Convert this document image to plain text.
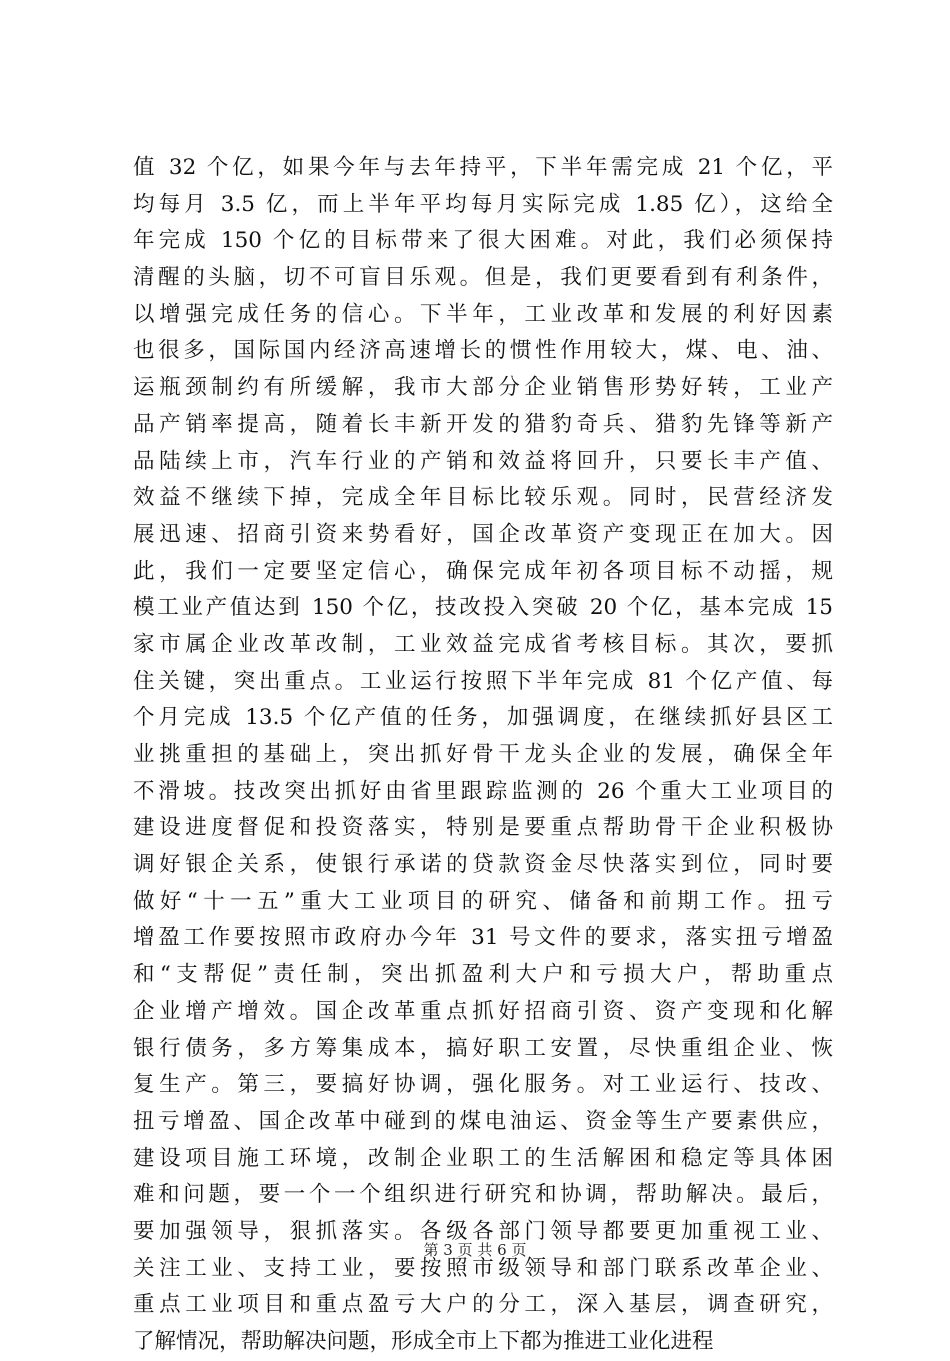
值 32 个亿，如果今年与去年持平，下半年需完成 21 个亿，平
均每月 3.5 亿，而上半年平均每月实际完成 1.85 亿），这给全
年完成 150 个亿的目标带来了很大困难。对此，我们必须保持
清醒的头脑，切不可盲目乐观。但是，我们更要看到有利条件，
以增强完成任务的信心。下半年，工业改革和发展的利好因素
也很多，国际国内经济高速增长的惯性作用较大，煤、电、油、
运瓶颈制约有所缓解，我市大部分企业销售形势好转，工业产
品产销率提高，随着长丰新开发的猎豹奇兵、猎豹先锋等新产
品陆续上市，汽车行业的产销和效益将回升，只要长丰产值、
效益不继续下掉，完成全年目标比较乐观。同时，民营经济发
展迅速、招商引资来势看好，国企改革资产变现正在加大。因
此，我们一定要坚定信心，确保完成年初各项目标不动摇，规
模工业产值达到 150 个亿，技改投入突破 20 个亿，基本完成 15
家市属企业改革改制，工业效益完成省考核目标。其次，要抓
住关键，突出重点。工业运行按照下半年完成 81 个亿产值、每
个月完成 13.5 个亿产值的任务，加强调度，在继续抓好县区工
业挑重担的基础上，突出抓好骨干龙头企业的发展，确保全年
不滑坡。技改突出抓好由省里跟踪监测的 26 个重大工业项目的
建设进度督促和投资落实，特别是要重点帮助骨干企业积极协
调好银企关系，使银行承诺的贷款资金尽快落实到位，同时要
做好“十一五”重大工业项目的研究、储备和前期工作。扭亏
增盈工作要按照市政府办今年 31 号文件的要求，落实扭亏增盈
和“支帮促”责任制，突出抓盈利大户和亏损大户，帮助重点
企业增产增效。国企改革重点抓好招商引资、资产变现和化解
银行债务，多方筹集成本，搞好职工安置，尽快重组企业、恢
复生产。第三，要搞好协调，强化服务。对工业运行、技改、
扭亏增盈、国企改革中碰到的煤电油运、资金等生产要素供应，
建设项目施工环境，改制企业职工的生活解困和稳定等具体困
难和问题，要一个一个组织进行研究和协调，帮助解决。最后，
要加强领导，狠抓落实。各级各部门领导都要更加重视工业、
关注工业、支持工业，要按照市级领导和部门联系改革企业、
重点工业项目和重点盈亏大户的分工，深入基层，调查研究，
了解情况，帮助解决问题，形成全市上下都为推进工业化进程
第 3 页 共 6 页
